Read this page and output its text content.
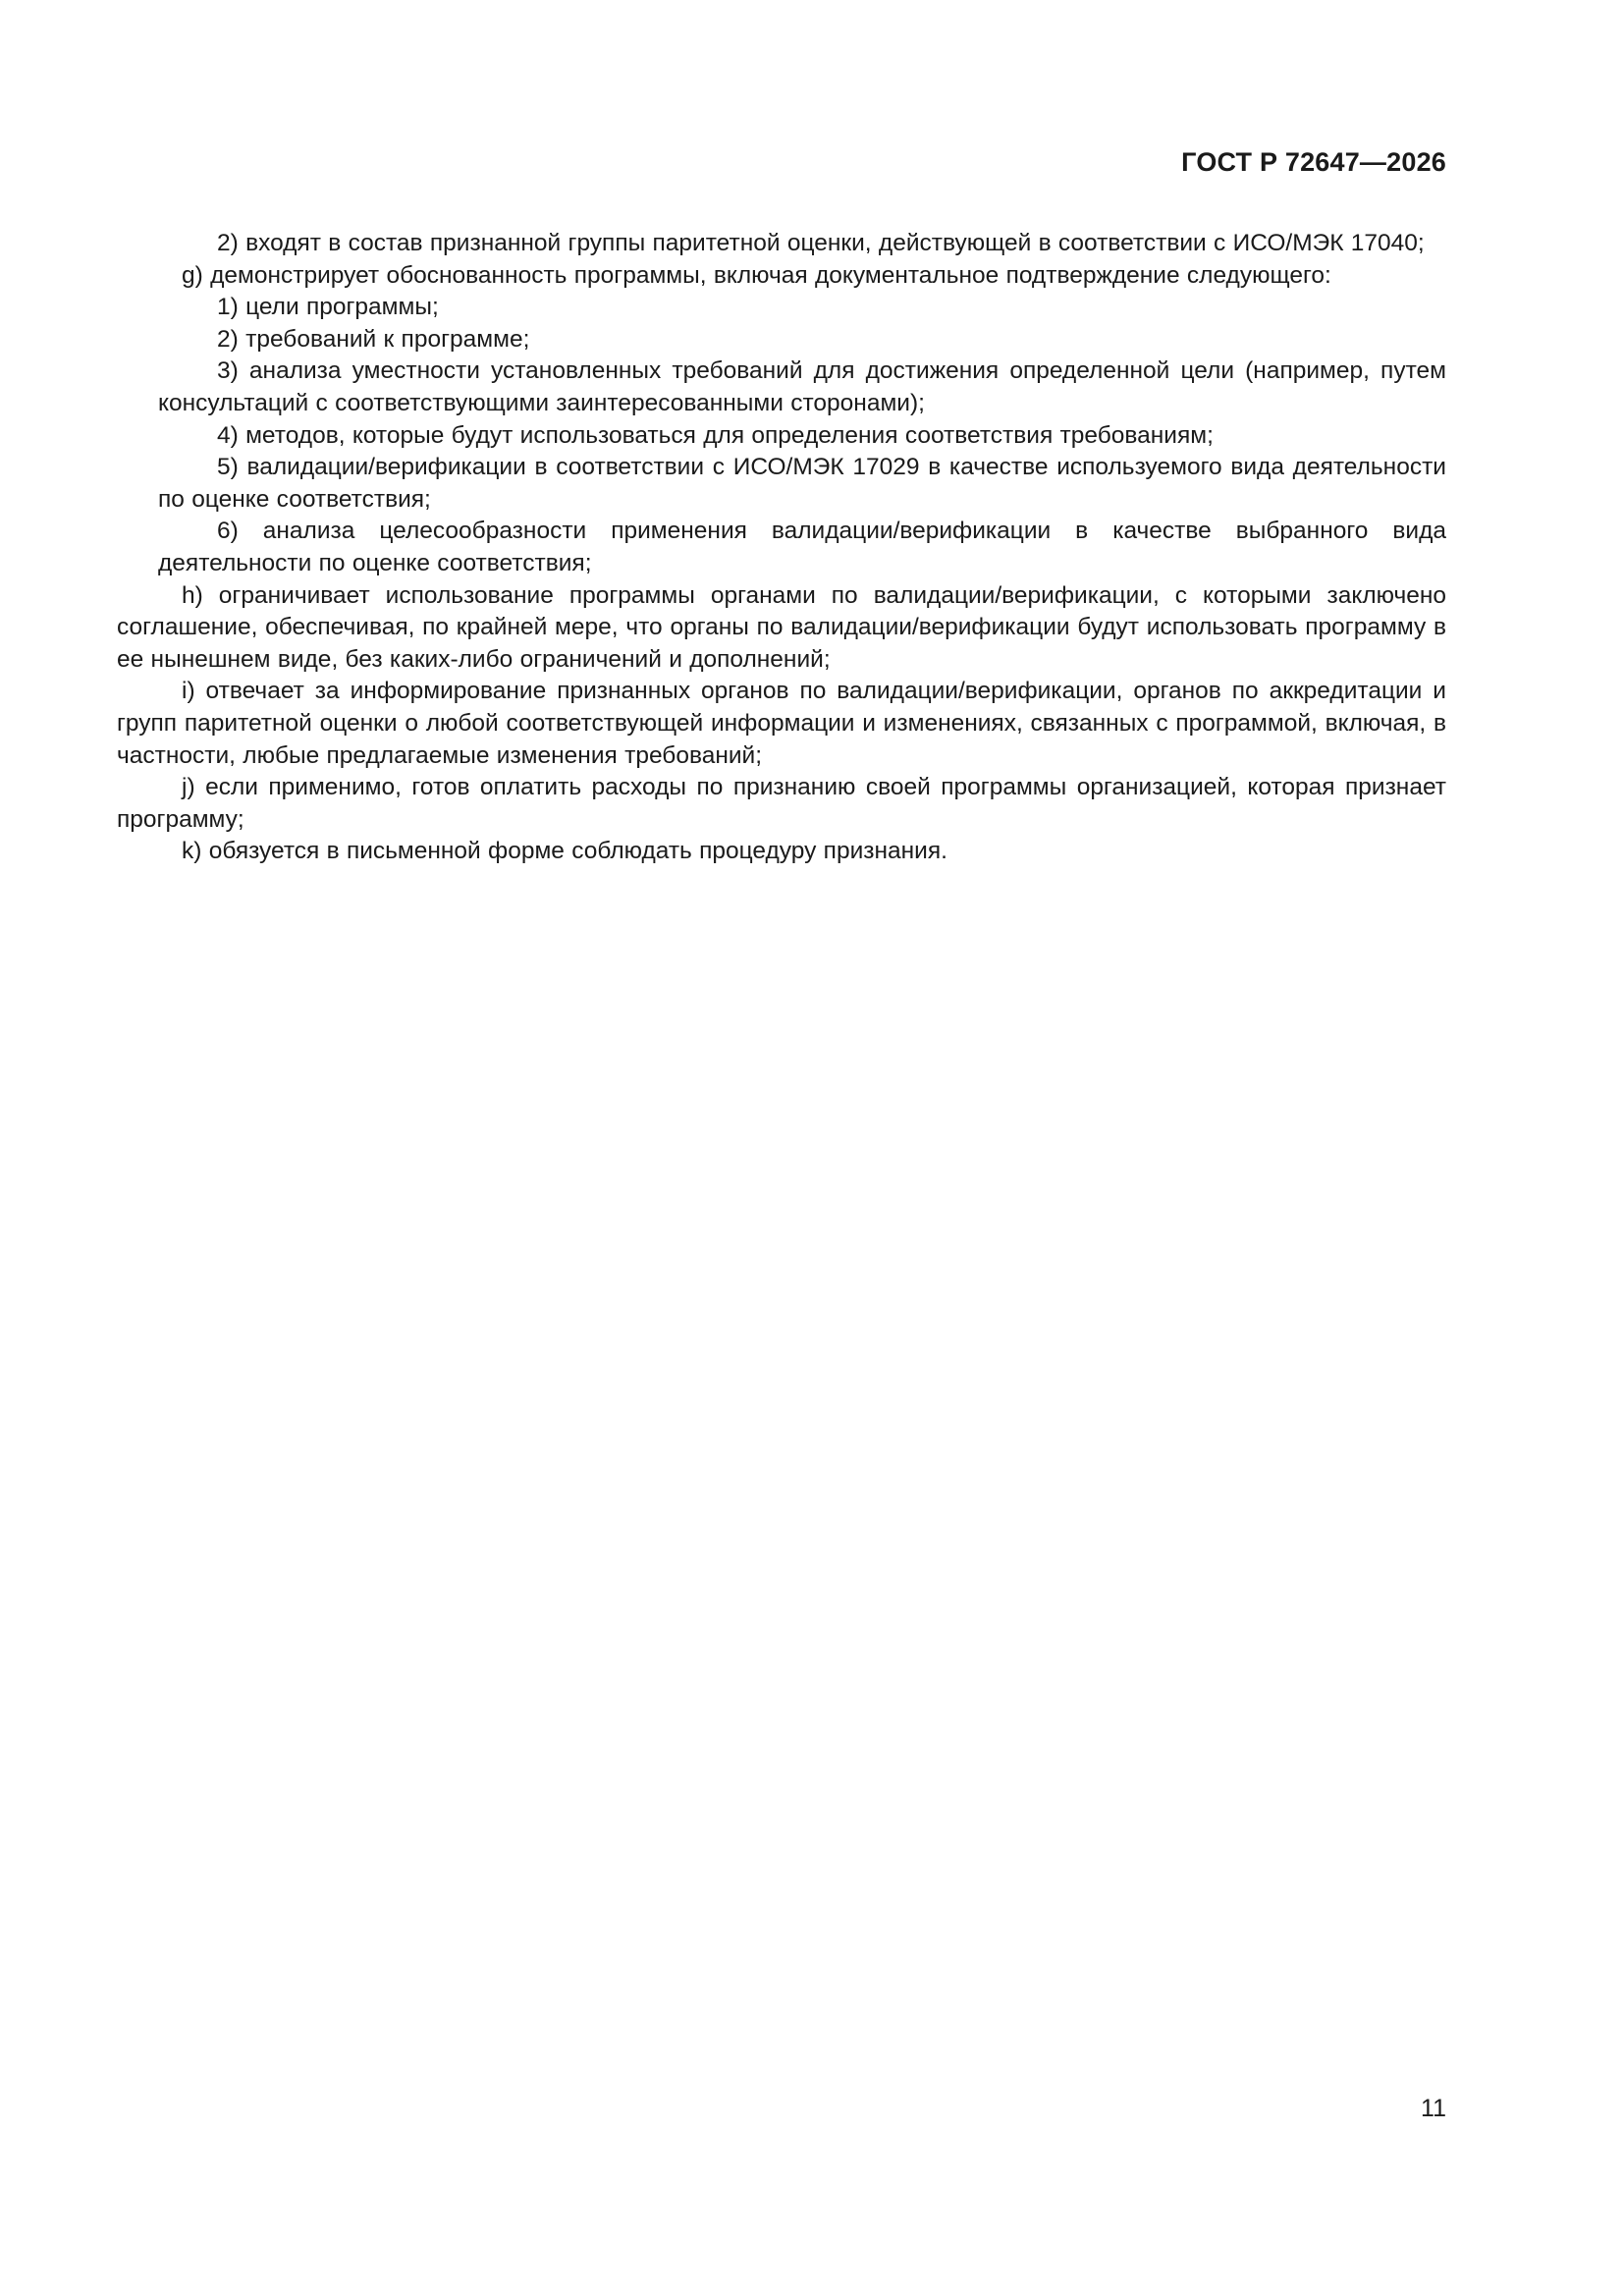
ГОСТ Р 72647—2026

2) входят в состав признанной группы паритетной оценки, действующей в соответствии с ИСО/МЭК 17040;

g) демонстрирует обоснованность программы, включая документальное подтверждение следующего:

1) цели программы;

2) требований к программе;

3) анализа уместности установленных требований для достижения определенной цели (например, путем консультаций с соответствующими заинтересованными сторонами);

4) методов, которые будут использоваться для определения соответствия требованиям;

5) валидации/верификации в соответствии с ИСО/МЭК 17029 в качестве используемого вида деятельности по оценке соответствия;

6) анализа целесообразности применения валидации/верификации в качестве выбранного вида деятельности по оценке соответствия;

h) ограничивает использование программы органами по валидации/верификации, с которыми заключено соглашение, обеспечивая, по крайней мере, что органы по валидации/верификации будут использовать программу в ее нынешнем виде, без каких-либо ограничений и дополнений;

i) отвечает за информирование признанных органов по валидации/верификации, органов по аккредитации и групп паритетной оценки о любой соответствующей информации и изменениях, связанных с программой, включая, в частности, любые предлагаемые изменения требований;

j) если применимо, готов оплатить расходы по признанию своей программы организацией, которая признает программу;

k) обязуется в письменной форме соблюдать процедуру признания.

11
